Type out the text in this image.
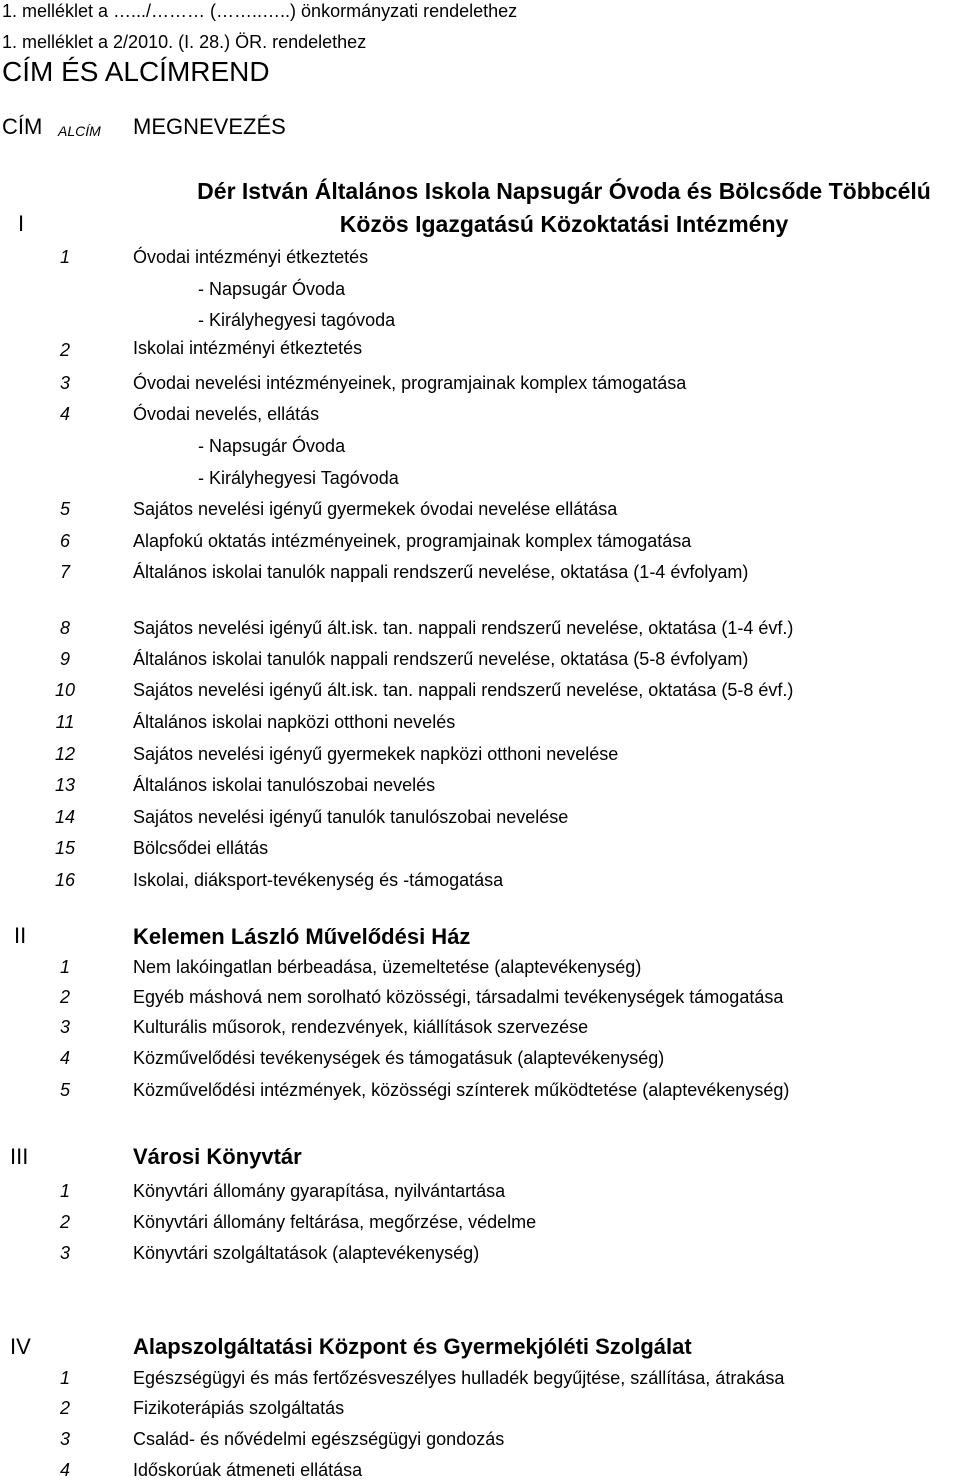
1. melléklet a ….../……… (……..…..) önkormányzati rendelethez
1. melléklet a 2/2010. (I. 28.) ÖR. rendelethez
CÍM ÉS ALCÍMREND
CÍM ALCÍM MEGNEVEZÉS
I
Dér István Általános Iskola Napsugár Óvoda és Bölcsőde Többcélú
Közös Igazgatású Közoktatási Intézmény
1	Óvodai intézményi étkeztetés
- Napsugár Óvoda
- Királyhegyesi tagóvoda
2	Iskolai intézményi étkeztetés
3	Óvodai nevelési intézményeinek, programjainak komplex támogatása
4	Óvodai nevelés, ellátás
- Napsugár Óvoda
- Királyhegyesi Tagóvoda
5	Sajátos nevelési igényű gyermekek óvodai nevelése ellátása
6	Alapfokú oktatás intézményeinek, programjainak komplex támogatása
7	Általános iskolai tanulók nappali rendszerű nevelése, oktatása (1-4 évfolyam)
8	Sajátos nevelési igényű ált.isk. tan. nappali rendszerű nevelése, oktatása (1-4 évf.)
9	Általános iskolai tanulók nappali rendszerű nevelése, oktatása (5-8 évfolyam)
10	Sajátos nevelési igényű ált.isk. tan. nappali rendszerű nevelése, oktatása (5-8 évf.)
11	Általános iskolai napközi otthoni nevelés
12	Sajátos nevelési igényű gyermekek napközi otthoni nevelése
13	Általános iskolai tanulószobai nevelés
14	Sajátos nevelési igényű tanulók tanulószobai nevelése
15	Bölcsődei ellátás
16	Iskolai, diáksport-tevékenység és -támogatása
II	Kelemen László Művelődési Ház
1	Nem lakóingatlan bérbeadása, üzemeltetése (alaptevékenység)
2	Egyéb máshová nem sorolható közösségi, társadalmi tevékenységek támogatása
3	Kulturális műsorok, rendezvények, kiállítások szervezése
4	Közművelődési tevékenységek és támogatásuk (alaptevékenység)
5	Közművelődési intézmények, közösségi színterek működtetése (alaptevékenység)
III	Városi Könyvtár
1	Könyvtári állomány gyarapítása, nyilvántartása
2	Könyvtári állomány feltárása, megőrzése, védelme
3	Könyvtári szolgáltatások (alaptevékenység)
IV	Alapszolgáltatási Központ és Gyermekjóléti Szolgálat
1	Egészségügyi és más fertőzésveszélyes hulladék begyűjtése, szállítása, átrakása
2	Fizikoterápiás szolgáltatás
3	Család- és nővédelmi egészségügyi gondozás
4	Időskorúak átmeneti ellátása
